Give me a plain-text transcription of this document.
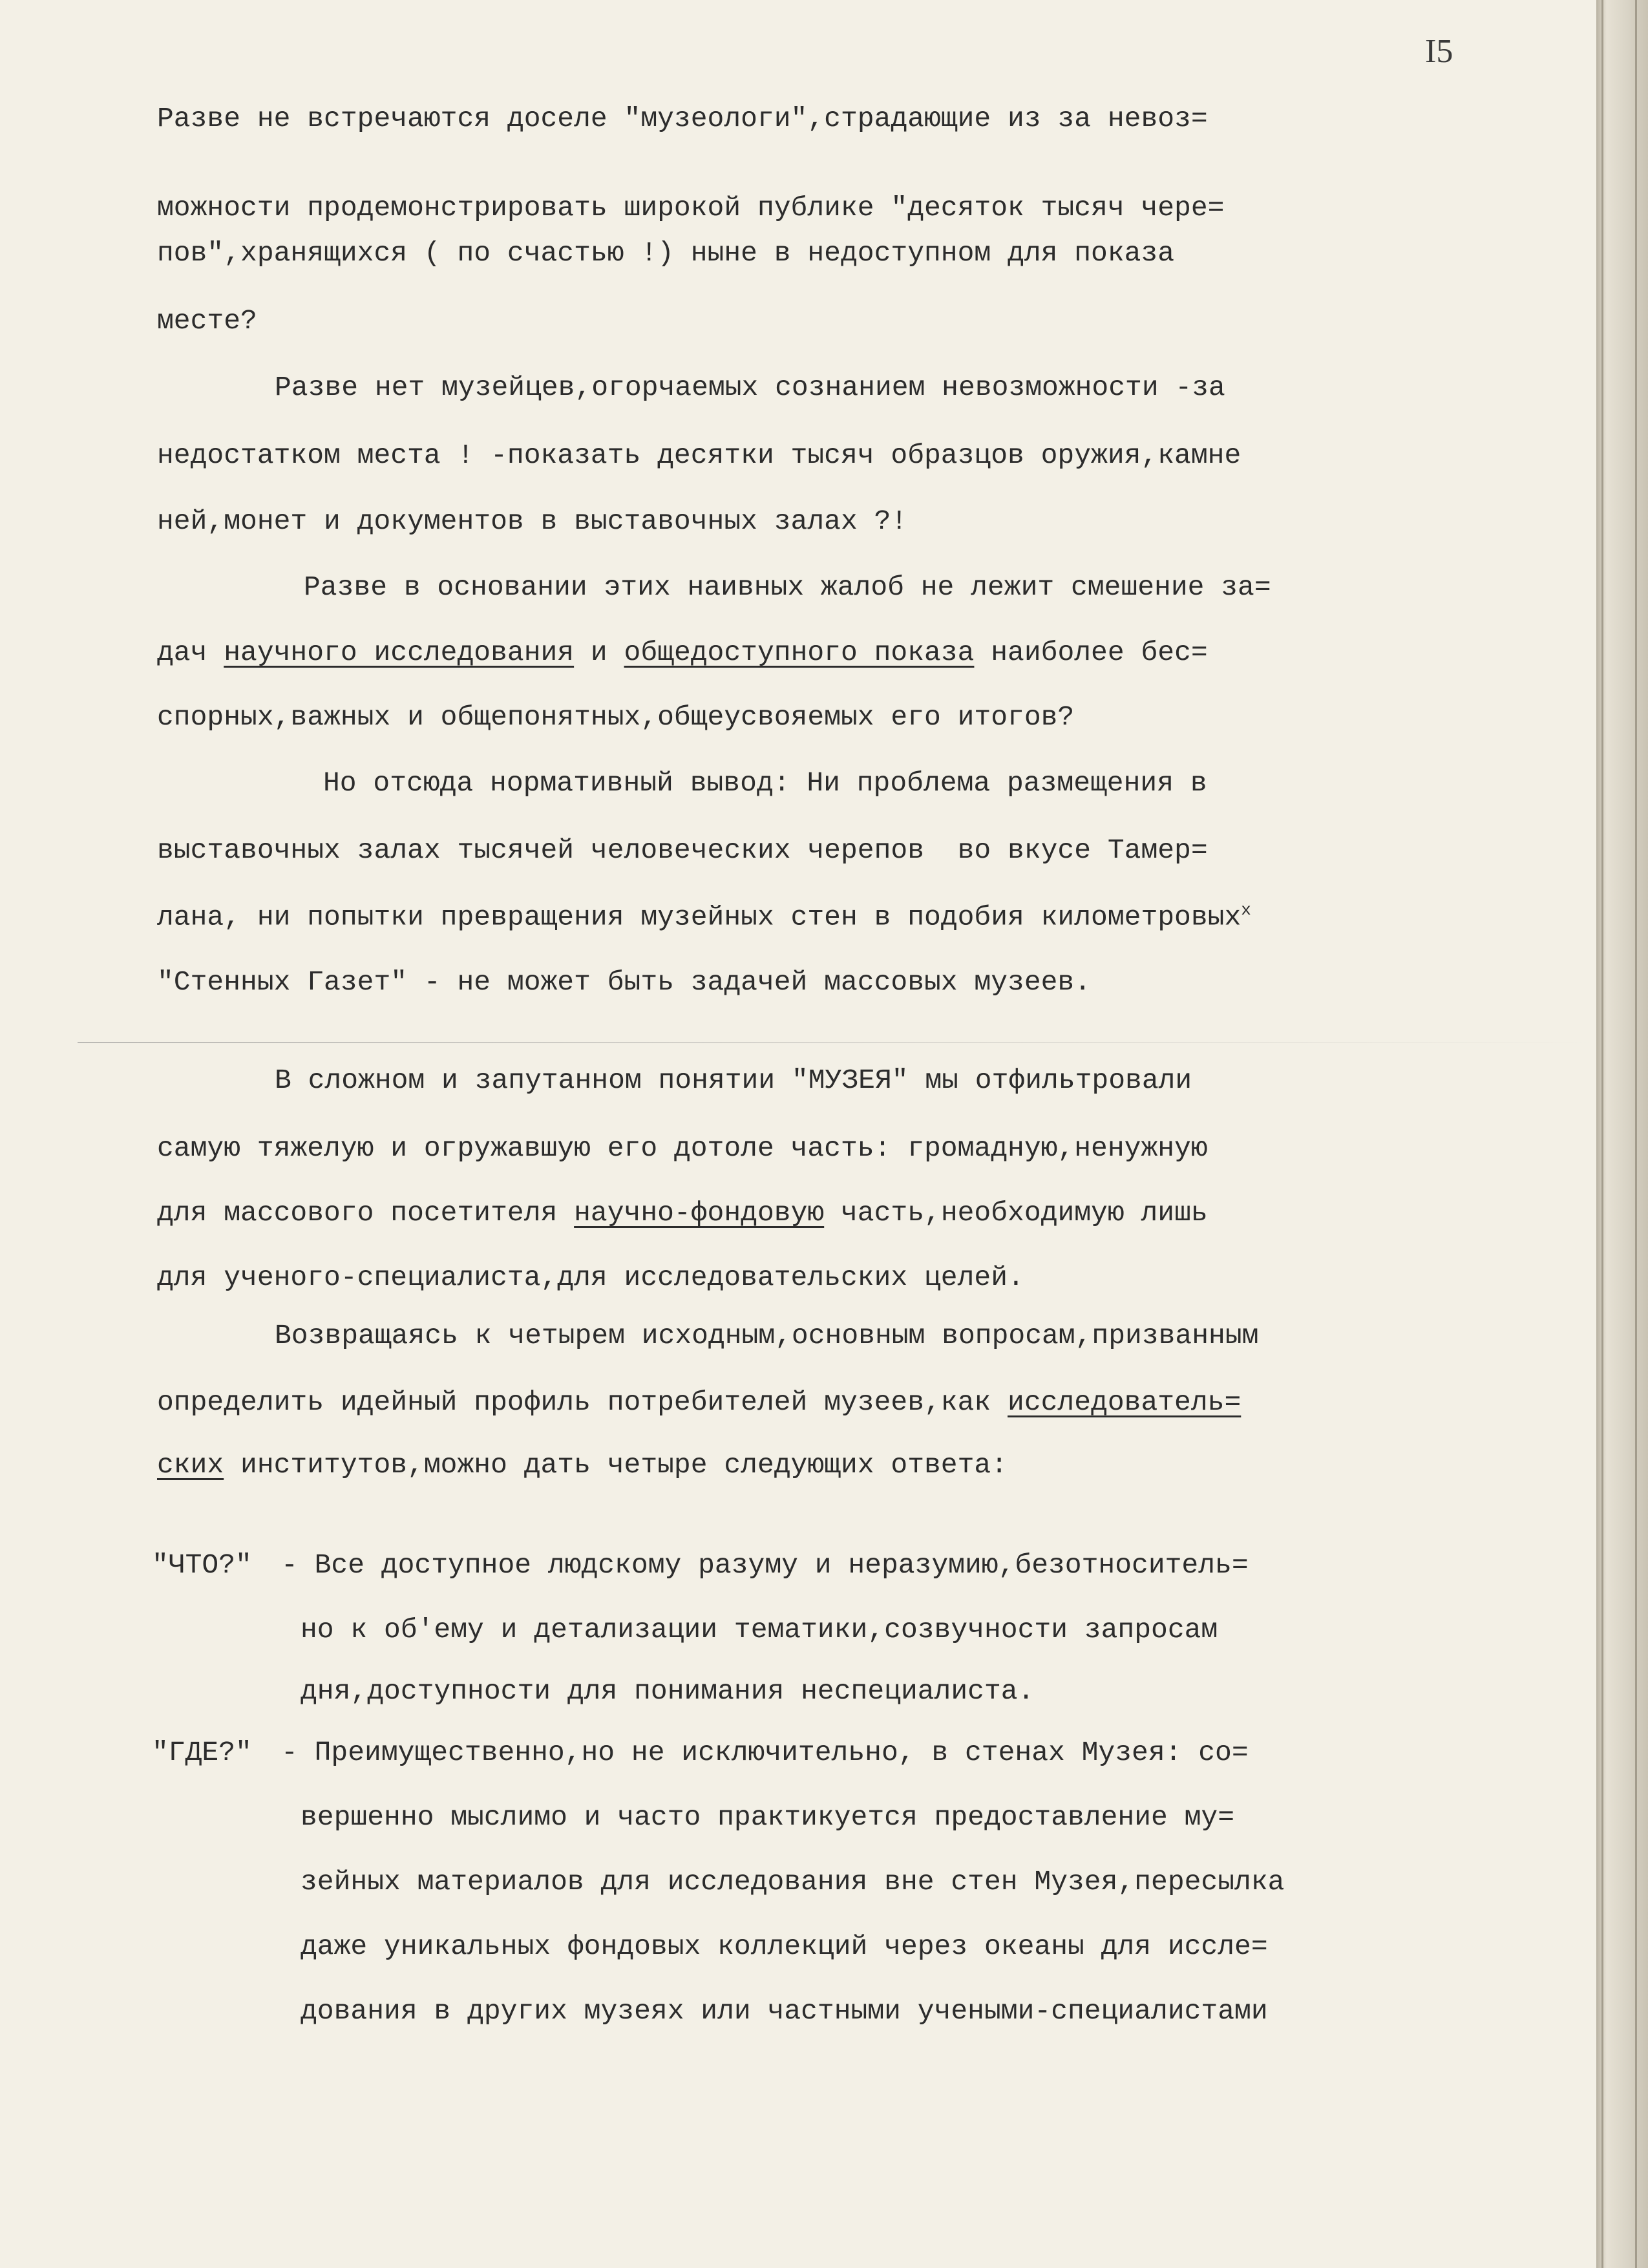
I5
Разве не встречаются доселе "музеологи",страдающие из за невоз=
можности продемонстрировать широкой публике "десяток тысяч чере=
пов",хранящихся ( по счастью !) ныне в недоступном для показа
месте?
Разве нет музейцев,огорчаемых сознанием невозможности -за
недостатком места ! -показать десятки тысяч образцов оружия,камне
ней,монет и документов в выставочных залах ?!
Разве в основании этих наивных жалоб не лежит смешение за=
дач научного исследования и общедоступного показа наиболее бес=
спорных,важных и общепонятных,общеусвояемых его итогов?
Но отсюда нормативный вывод: Ни проблема размещения в
выставочных залах тысячей человеческих черепов  во вкусе Тамер=
лана, ни попытки превращения музейных стен в подобия километровых$^x$
"Стенных Газет" - не может быть задачей массовых музеев.
В сложном и запутанном понятии "МУЗЕЯ" мы отфильтровали
самую тяжелую и огружавшую его дотоле часть: громадную,ненужную
для массового посетителя научно-фондовую часть,необходимую лишь
для ученого-специалиста,для исследовательских целей.
Возвращаясь к четырем исходным,основным вопросам,призванным
определить идейный профиль потребителей музеев,как исследователь=
ских институтов,можно дать четыре следующих ответа:
"ЧТО?" - Все доступное людскому разуму и неразумию,безотноситель=
но к об'ему и детализации тематики,созвучности запросам
дня,доступности для понимания неспециалиста.
"ГДЕ?" - Преимущественно,но не исключительно, в стенах Музея: со=
вершенно мыслимо и часто практикуется предоставление му=
зейных материалов для исследования вне стен Музея,пересылка
даже уникальных фондовых коллекций через океаны для иссле=
дования в других музеях или частными учеными-специалистами
